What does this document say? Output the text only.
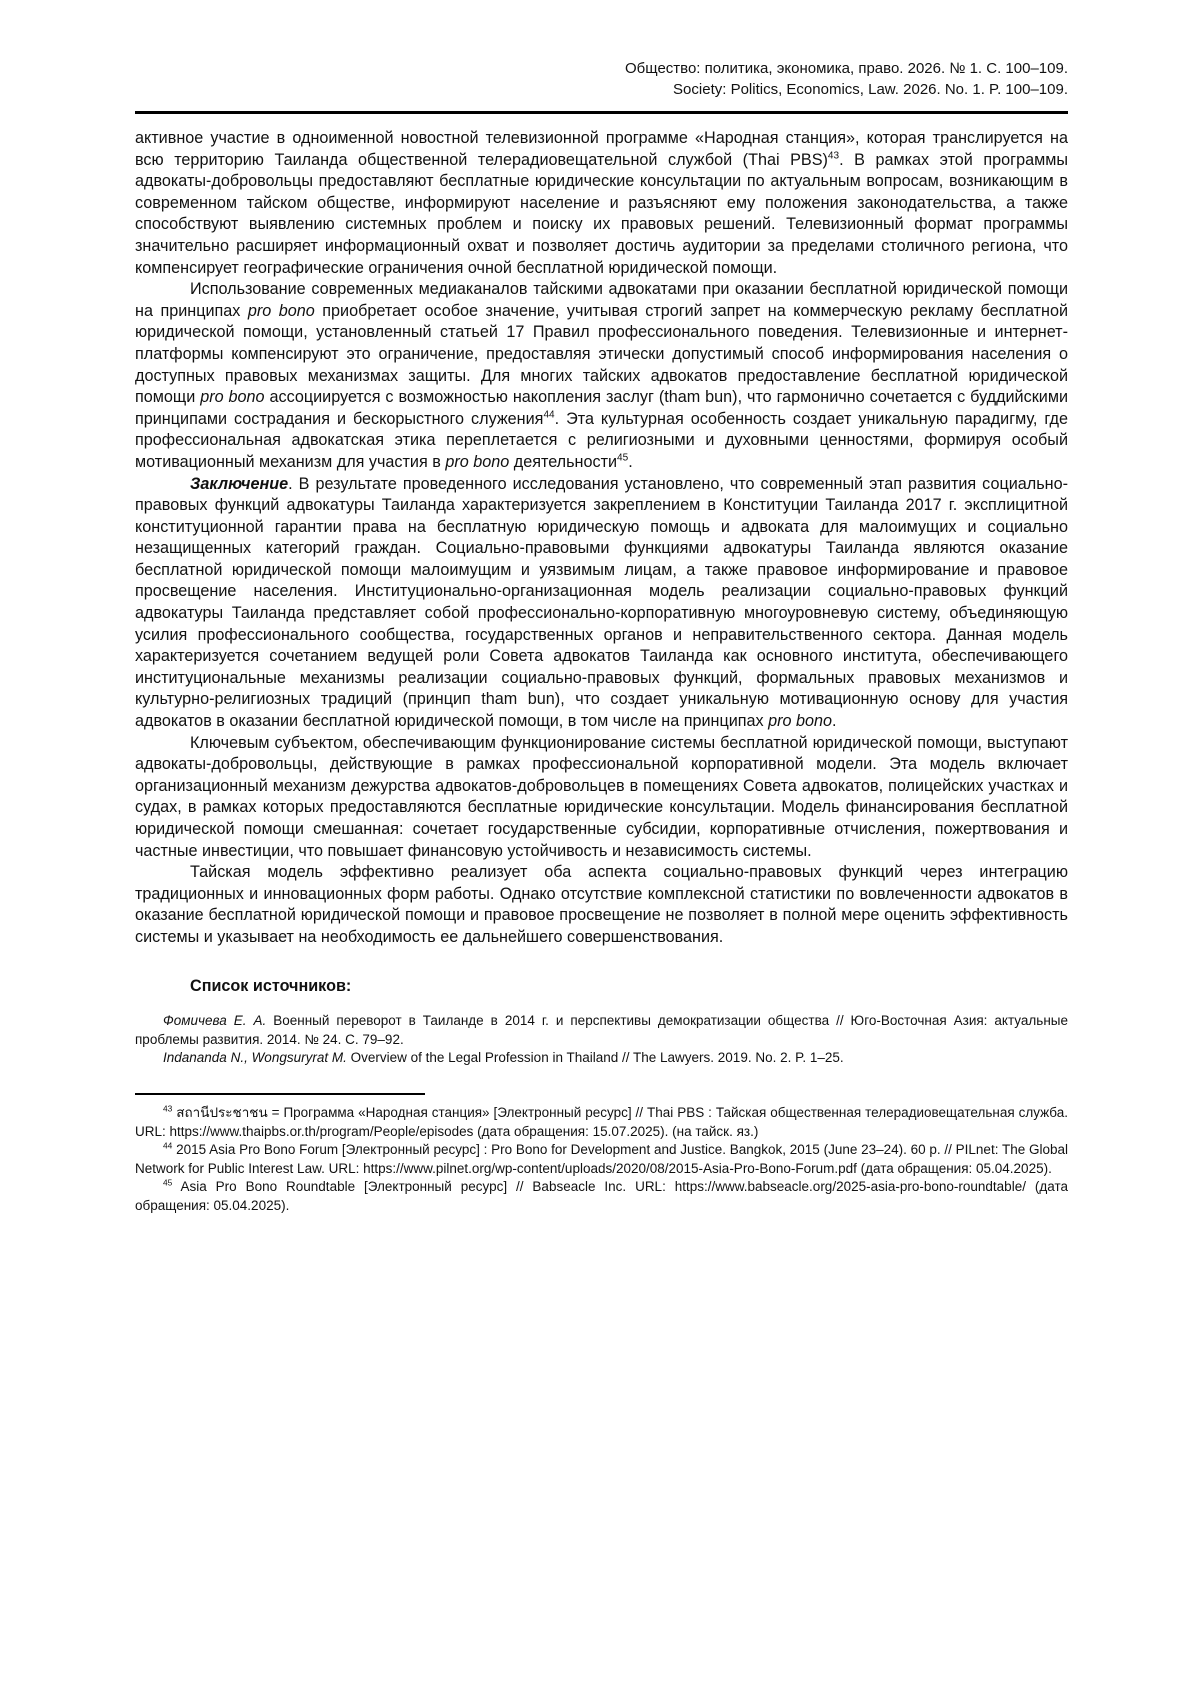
Общество: политика, экономика, право. 2026. № 1. С. 100–109.
Society: Politics, Economics, Law. 2026. No. 1. P. 100–109.

активное участие в одноименной новостной телевизионной программе «Народная станция», которая транслируется на всю территорию Таиланда общественной телерадиовещательной службой (Thai PBS)$^{43}$. В рамках этой программы адвокаты-добровольцы предоставляют бесплатные юридические консультации по актуальным вопросам, возникающим в современном тайском обществе, информируют население и разъясняют ему положения законодательства, а также способствуют выявлению системных проблем и поиску их правовых решений. Телевизионный формат программы значительно расширяет информационный охват и позволяет достичь аудитории за пределами столичного региона, что компенсирует географические ограничения очной бесплатной юридической помощи.

Использование современных медиаканалов тайскими адвокатами при оказании бесплатной юридической помощи на принципах pro bono приобретает особое значение, учитывая строгий запрет на коммерческую рекламу бесплатной юридической помощи, установленный статьей 17 Правил профессионального поведения. Телевизионные и интернет-платформы компенсируют это ограничение, предоставляя этически допустимый способ информирования населения о доступных правовых механизмах защиты. Для многих тайских адвокатов предоставление бесплатной юридической помощи pro bono ассоциируется с возможностью накопления заслуг (tham bun), что гармонично сочетается с буддийскими принципами сострадания и бескорыстного служения$^{44}$. Эта культурная особенность создает уникальную парадигму, где профессиональная адвокатская этика переплетается с религиозными и духовными ценностями, формируя особый мотивационный механизм для участия в pro bono деятельности$^{45}$.

Заключение. В результате проведенного исследования установлено, что современный этап развития социально-правовых функций адвокатуры Таиланда характеризуется закреплением в Конституции Таиланда 2017 г. эксплицитной конституционной гарантии права на бесплатную юридическую помощь и адвоката для малоимущих и социально незащищенных категорий граждан. Социально-правовыми функциями адвокатуры Таиланда являются оказание бесплатной юридической помощи малоимущим и уязвимым лицам, а также правовое информирование и правовое просвещение населения. Институционально-организационная модель реализации социально-правовых функций адвокатуры Таиланда представляет собой профессионально-корпоративную многоуровневую систему, объединяющую усилия профессионального сообщества, государственных органов и неправительственного сектора. Данная модель характеризуется сочетанием ведущей роли Совета адвокатов Таиланда как основного института, обеспечивающего институциональные механизмы реализации социально-правовых функций, формальных правовых механизмов и культурно-религиозных традиций (принцип tham bun), что создает уникальную мотивационную основу для участия адвокатов в оказании бесплатной юридической помощи, в том числе на принципах pro bono.

Ключевым субъектом, обеспечивающим функционирование системы бесплатной юридической помощи, выступают адвокаты-добровольцы, действующие в рамках профессиональной корпоративной модели. Эта модель включает организационный механизм дежурства адвокатов-добровольцев в помещениях Совета адвокатов, полицейских участках и судах, в рамках которых предоставляются бесплатные юридические консультации. Модель финансирования бесплатной юридической помощи смешанная: сочетает государственные субсидии, корпоративные отчисления, пожертвования и частные инвестиции, что повышает финансовую устойчивость и независимость системы.

Тайская модель эффективно реализует оба аспекта социально-правовых функций через интеграцию традиционных и инновационных форм работы. Однако отсутствие комплексной статистики по вовлеченности адвокатов в оказание бесплатной юридической помощи и правовое просвещение не позволяет в полной мере оценить эффективность системы и указывает на необходимость ее дальнейшего совершенствования.

Список источников:

Фомичева Е. А. Военный переворот в Таиланде в 2014 г. и перспективы демократизации общества // Юго-Восточная Азия: актуальные проблемы развития. 2014. № 24. С. 79–92.

Indananda N., Wongsuryrat M. Overview of the Legal Profession in Thailand // The Lawyers. 2019. No. 2. P. 1–25.

$^{43}$ สถานีประชาชน = Программа «Народная станция» [Электронный ресурс] // Thai PBS : Тайская общественная телерадиовещательная служба. URL: https://www.thaipbs.or.th/program/People/episodes (дата обращения: 15.07.2025). (на тайск. яз.)

$^{44}$ 2015 Asia Pro Bono Forum [Электронный ресурс] : Pro Bono for Development and Justice. Bangkok, 2015 (June 23–24). 60 p. // PILnet: The Global Network for Public Interest Law. URL: https://www.pilnet.org/wp-content/uploads/2020/08/2015-Asia-Pro-Bono-Forum.pdf (дата обращения: 05.04.2025).

$^{45}$ Asia Pro Bono Roundtable [Электронный ресурс] // Babseacle Inc. URL: https://www.babseacle.org/2025-asia-pro-bono-roundtable/ (дата обращения: 05.04.2025).
